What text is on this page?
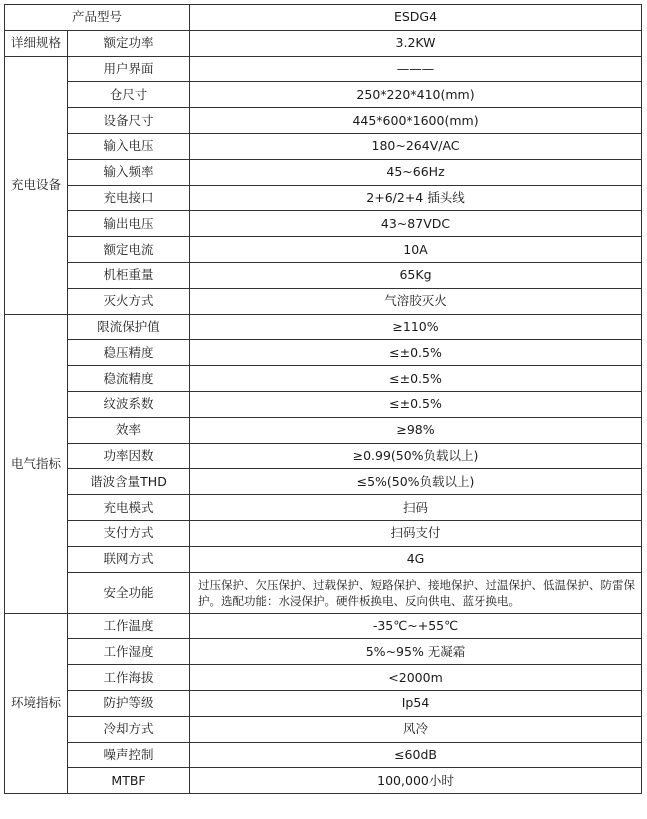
产品型号		ESDG4
详细规格	额定功率	3.2KW
充电设备	用户界面	———
	仓尺寸	250*220*410(mm)
	设备尺寸	445*600*1600(mm)
	输入电压	180~264V/AC
	输入频率	45~66Hz
	充电接口	2+6/2+4 插头线
	输出电压	43~87VDC
	额定电流	10A
	机柜重量	65Kg
	灭火方式	气溶胶灭火
电气指标	限流保护值	≥110%
	稳压精度	≤±0.5%
	稳流精度	≤±0.5%
	纹波系数	≤±0.5%
	效率	≥98%
	功率因数	≥0.99(50%负载以上)
	谐波含量THD	≤5%(50%负载以上)
	充电模式	扫码
	支付方式	扫码支付
	联网方式	4G
	安全功能	过压保护、欠压保护、过载保护、短路保护、接地保护、过温保护、低温保护、防雷保护。选配功能：水浸保护。硬件板换电、反向供电、蓝牙换电。
环境指标	工作温度	-35℃~+55℃
	工作湿度	5%~95% 无凝霜
	工作海拔	<2000m
	防护等级	Ip54
	冷却方式	风冷
	噪声控制	≤60dB
	MTBF	100,000小时
